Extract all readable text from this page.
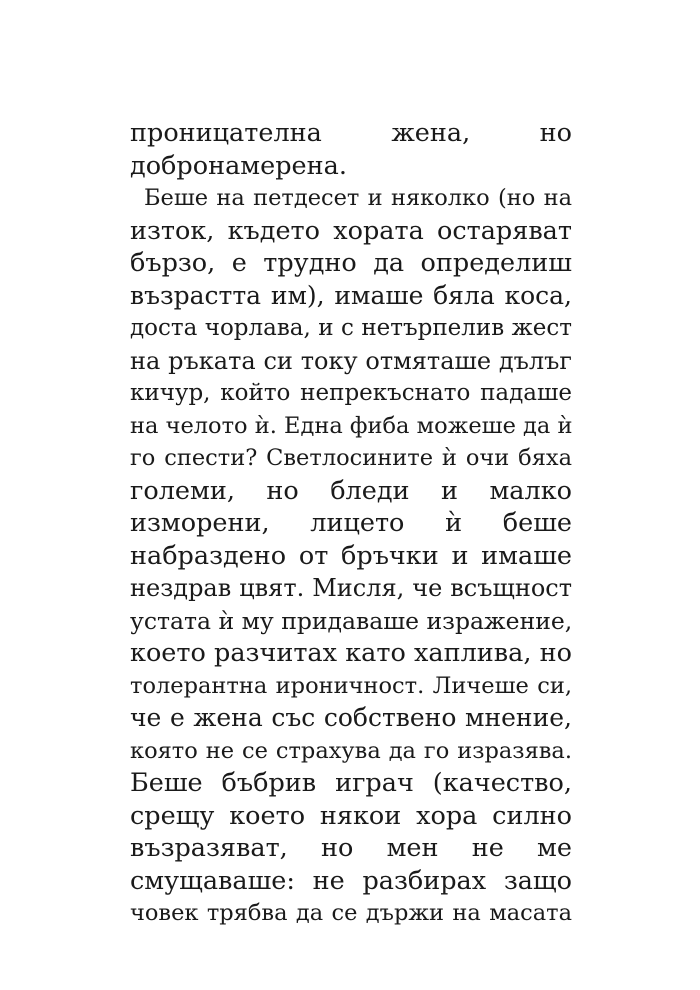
проницателна жена, но
добронамерена.
Беше на петдесет и няколко (но на
изток, където хората остаряват
бързо, е трудно да определиш
възрастта им), имаше бяла коса,
доста чорлава, и с нетърпелив жест
на ръката си току отмяташе дълъг
кичур, който непрекъснато падаше
на челото ѝ. Една фиба можеше да ѝ
го спести? Светлосините ѝ очи бяха
големи, но бледи и малко
изморени, лицето ѝ беше
набраздено от бръчки и имаше
нездрав цвят. Мисля, че всъщност
устата ѝ му придаваше изражение,
което разчитах като хаплива, но
толерантна ироничност. Личеше си,
че е жена със собствено мнение,
която не се страхува да го изразява.
Беше бъбрив играч (качество,
срещу което някои хора силно
възразяват, но мен не ме
смущаваше: не разбирах защо
човек трябва да се държи на масата
